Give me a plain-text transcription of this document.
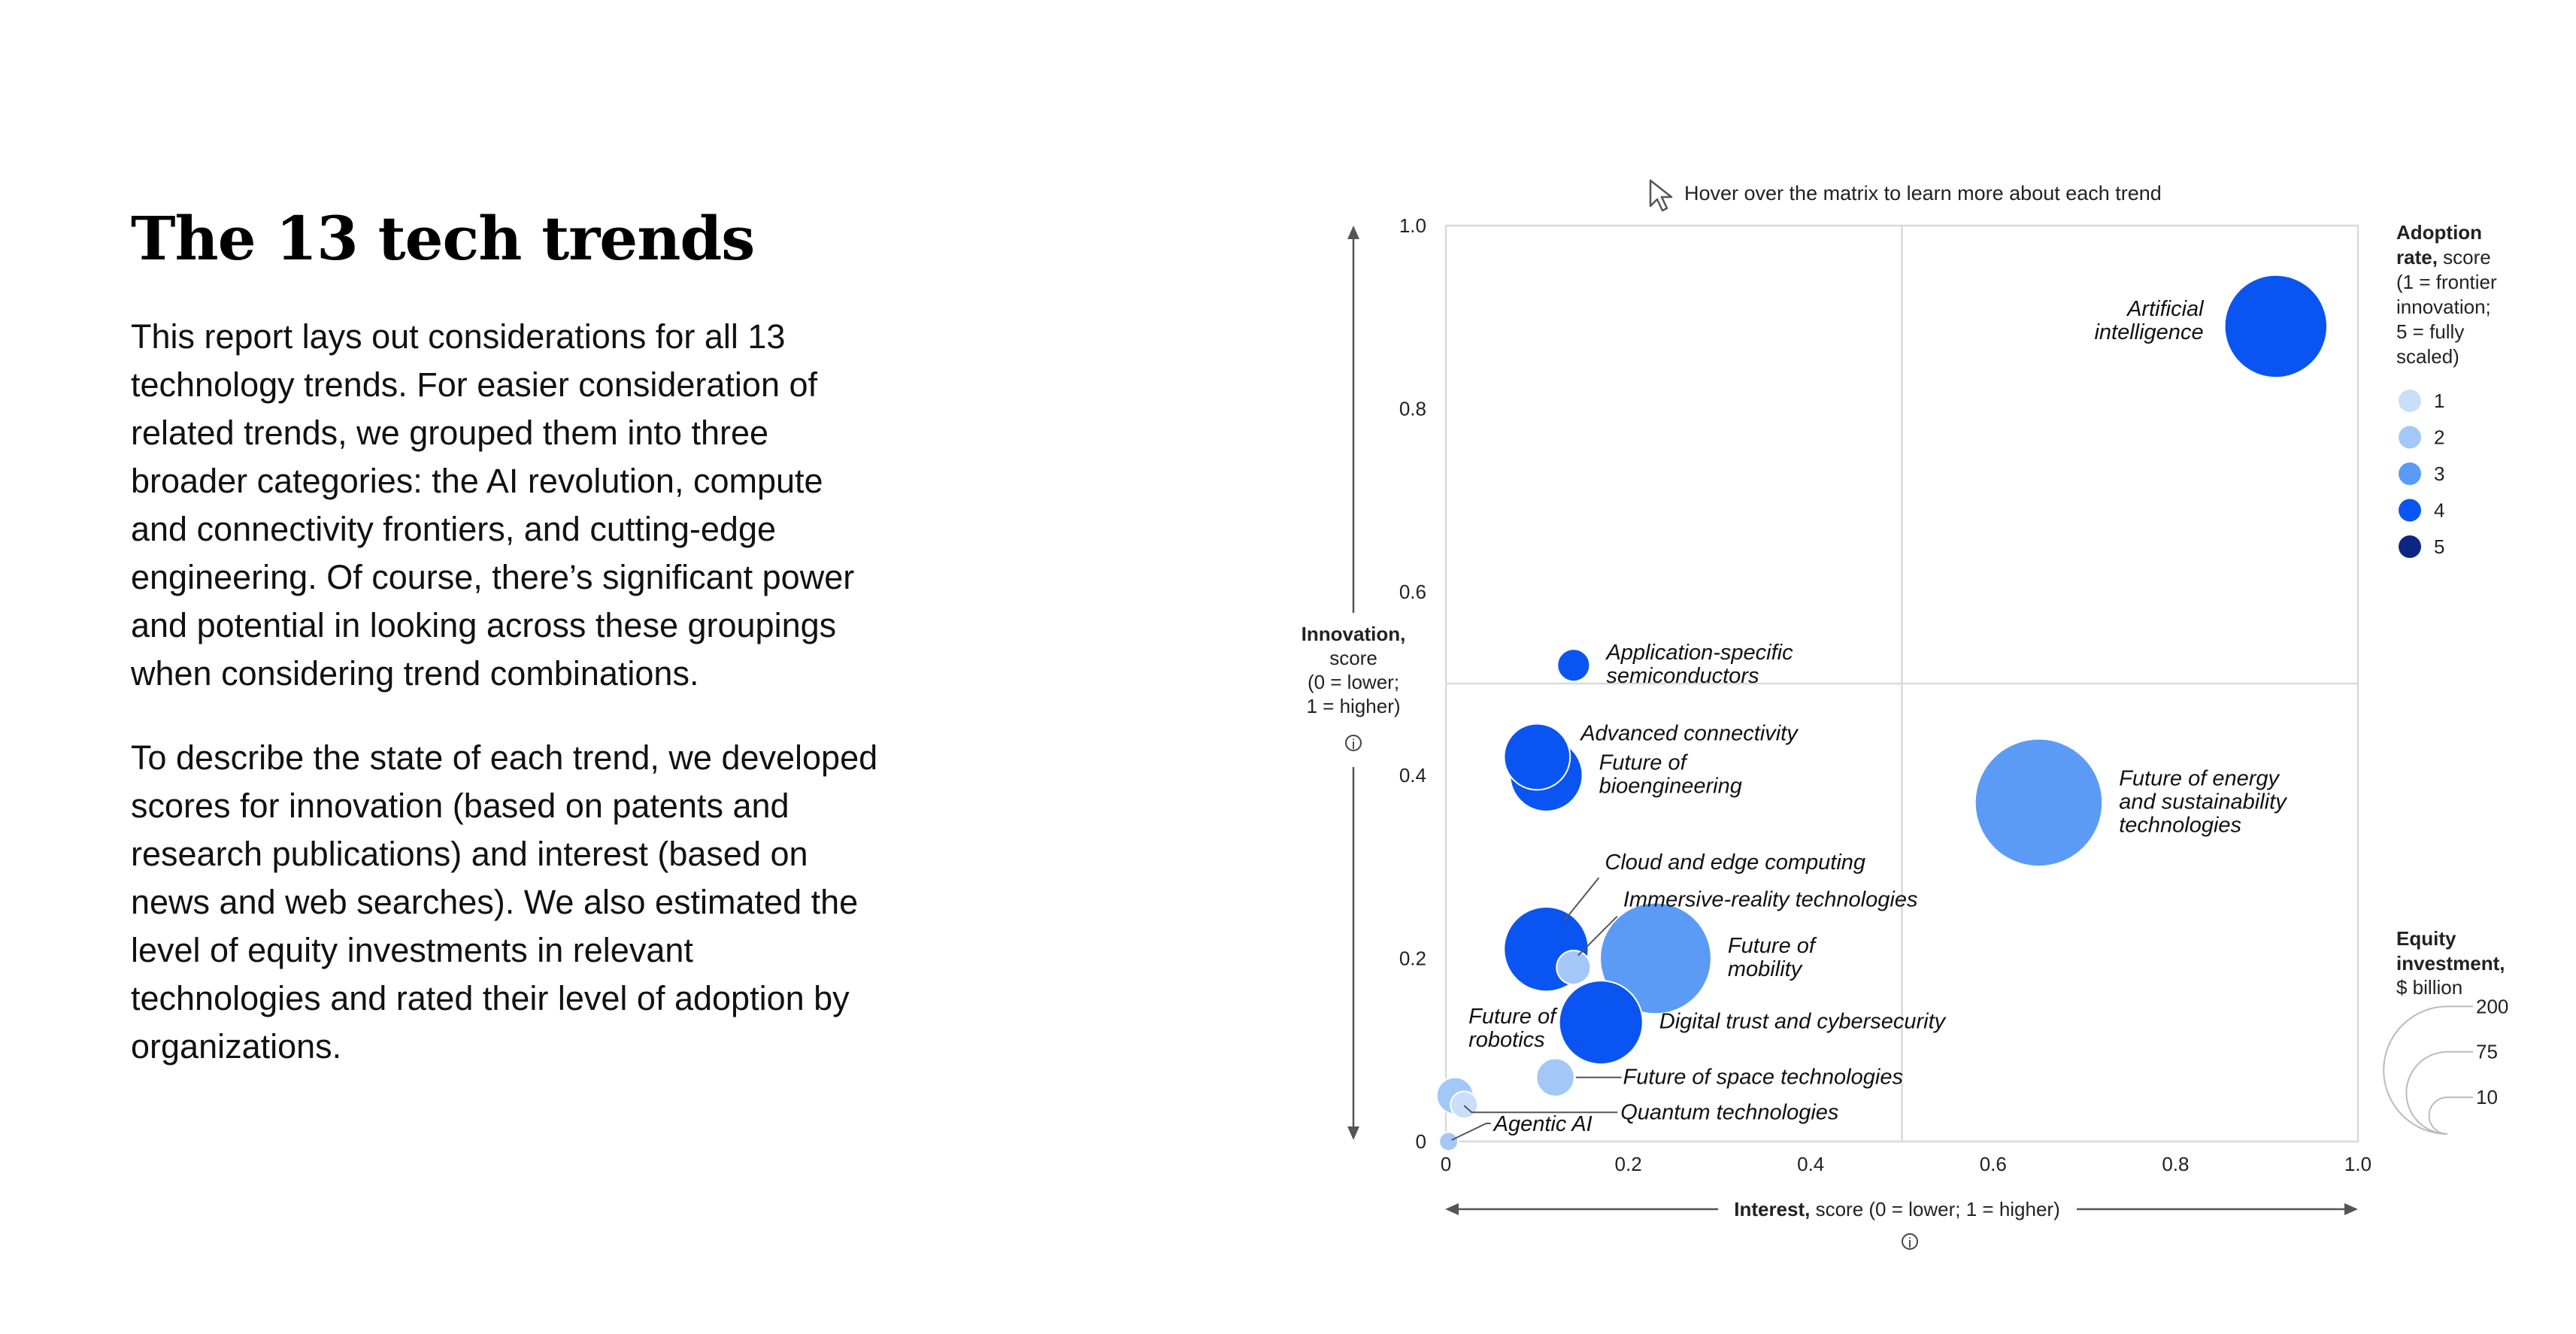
The 13 tech trends

This report lays out considerations for all 13 technology trends. For easier consideration of related trends, we grouped them into three broader categories: the AI revolution, compute and connectivity frontiers, and cutting-edge engineering. Of course, there’s significant power and potential in looking across these groupings when considering trend combinations.

To describe the state of each trend, we developed scores for innovation (based on patents and research publications) and interest (based on news and web searches). We also estimated the level of equity investments in relevant technologies and rated their level of adoption by organizations.

Hover over the matrix to learn more about each trend
0	0.2	0.4	0.6	0.8	1.0
0
0.2
0.4
0.6
0.8
1.0
Innovation,
score
(0 = lower;
1 = higher)
i
Interest, score (0 = lower; 1 = higher)
i
Artificial
intelligence
Application-specific
semiconductors
Advanced connectivity
Future of
bioengineering	Future of energy
and sustainability
technologies
Cloud and edge computing
Immersive-reality technologies
Future of
mobility
Digital trust and cybersecurity
Future of space technologies
Future of
robotics
Quantum technologies
Agentic AI
Adoption
rate, score
(1 = frontier
innovation;
5 = fully
scaled)
1
2
3
4
5
Equity
investment,
$ billion
200
75
10
